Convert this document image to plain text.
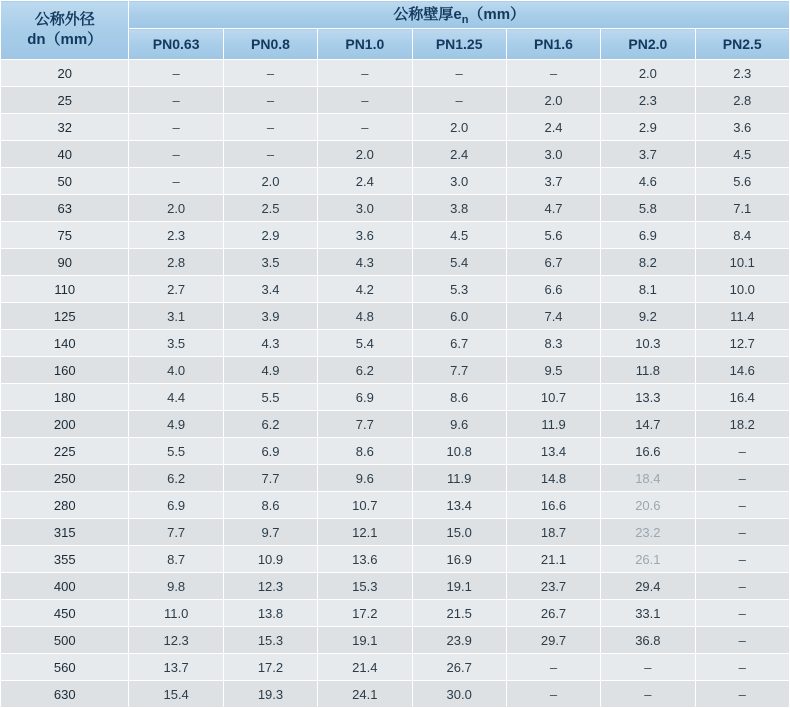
公称外径
dn（mm）	公称壁厚$e_n(mm)$						
	PN0.63	PN0.8	PN1.0	PN1.25	PN1.6	PN2.0	PN2.5
20	–	–	–	–	–	2.0	2.3
25	–	–	–	–	2.0	2.3	2.8
32	–	–	–	2.0	2.4	2.9	3.6
40	–	–	2.0	2.4	3.0	3.7	4.5
50	–	2.0	2.4	3.0	3.7	4.6	5.6
63	2.0	2.5	3.0	3.8	4.7	5.8	7.1
75	2.3	2.9	3.6	4.5	5.6	6.9	8.4
90	2.8	3.5	4.3	5.4	6.7	8.2	10.1
110	2.7	3.4	4.2	5.3	6.6	8.1	10.0
125	3.1	3.9	4.8	6.0	7.4	9.2	11.4
140	3.5	4.3	5.4	6.7	8.3	10.3	12.7
160	4.0	4.9	6.2	7.7	9.5	11.8	14.6
180	4.4	5.5	6.9	8.6	10.7	13.3	16.4
200	4.9	6.2	7.7	9.6	11.9	14.7	18.2
225	5.5	6.9	8.6	10.8	13.4	16.6	–
250	6.2	7.7	9.6	11.9	14.8	18.4	–
280	6.9	8.6	10.7	13.4	16.6	20.6	–
315	7.7	9.7	12.1	15.0	18.7	23.2	–
355	8.7	10.9	13.6	16.9	21.1	26.1	–
400	9.8	12.3	15.3	19.1	23.7	29.4	–
450	11.0	13.8	17.2	21.5	26.7	33.1	–
500	12.3	15.3	19.1	23.9	29.7	36.8	–
560	13.7	17.2	21.4	26.7	–	–	–
630	15.4	19.3	24.1	30.0	–	–	–
